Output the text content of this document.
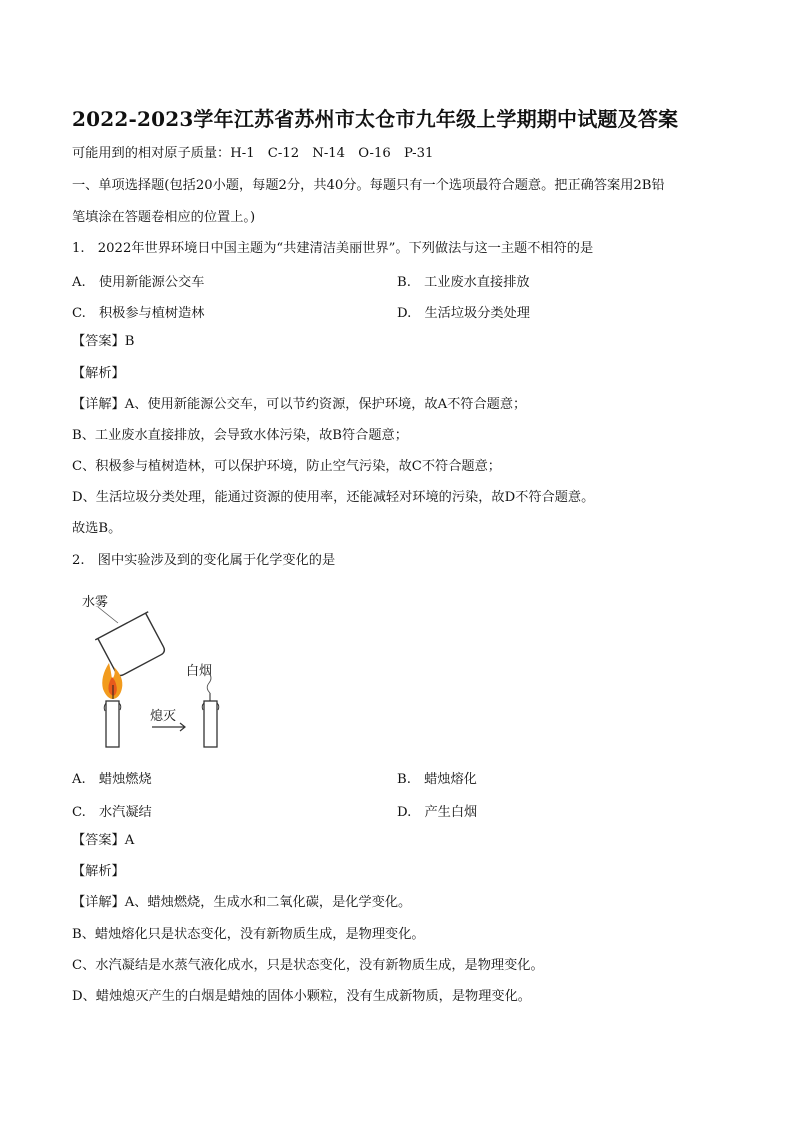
2022-2023学年江苏省苏州市太仓市九年级上学期期中试题及答案
可能用到的相对原子质量：H-1　C-12　N-14　O-16　P-31
一、单项选择题(包括20小题，每题2分，共40分。每题只有一个选项最符合题意。把正确答案用2B铅
笔填涂在答题卷相应的位置上。)
1.　2022年世界环境日中国主题为“共建清洁美丽世界”。下列做法与这一主题不相符的是
A.　使用新能源公交车	B.　工业废水直接排放
C.　积极参与植树造林	D.　生活垃圾分类处理
【答案】B
【解析】
【详解】A、使用新能源公交车，可以节约资源，保护环境，故A不符合题意；
B、工业废水直接排放，会导致水体污染，故B符合题意；
C、积极参与植树造林，可以保护环境，防止空气污染，故C不符合题意；
D、生活垃圾分类处理，能通过资源的使用率，还能减轻对环境的污染，故D不符合题意。
故选B。
2.　图中实验涉及到的变化属于化学变化的是
水雾
白烟
熄灭
A.　蜡烛燃烧	B.　蜡烛熔化
C.　水汽凝结	D.　产生白烟
【答案】A
【解析】
【详解】A、蜡烛燃烧，生成水和二氧化碳，是化学变化。
B、蜡烛熔化只是状态变化，没有新物质生成，是物理变化。
C、水汽凝结是水蒸气液化成水，只是状态变化，没有新物质生成，是物理变化。
D、蜡烛熄灭产生的白烟是蜡烛的固体小颗粒，没有生成新物质，是物理变化。
